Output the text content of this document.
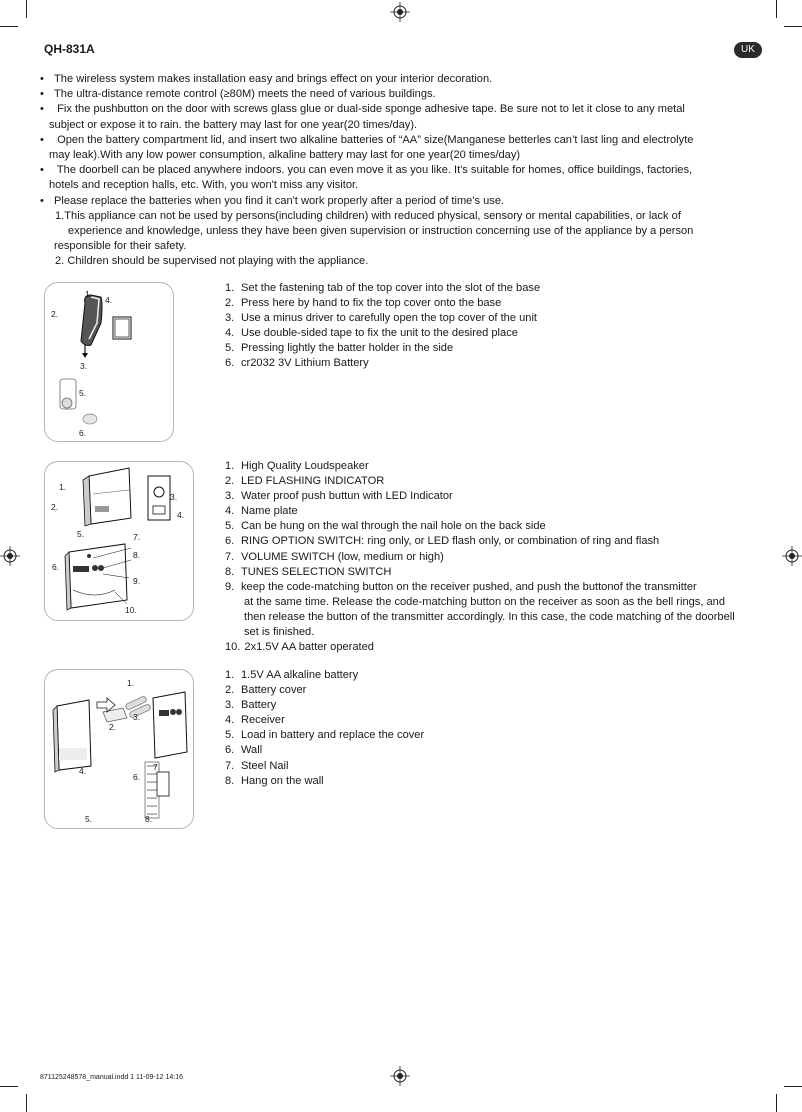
QH-831A	UK
• The wireless system makes installation easy and brings effect on your interior decoration.
• The ultra-distance remote control (≥80M) meets the need of various buildings.
• Fix the pushbutton on the door with screws glass glue or dual-side sponge adhesive tape. Be sure not to let it close to any metal
subject or expose it to rain. the battery may last for one year(20 times/day).
• Open the battery compartment lid, and insert two alkaline batteries of “AA” size(Manganese betterles can’t last ling and electrolyte
may leak).With any low power consumption, alkaline battery may last for one year(20 times/day)
• The doorbell can be placed anywhere indoors. you can even move it as you like. It's suitable for homes, office buildings, factories,
hotels and reception halls, etc. With, you won't miss any visitor.
• Please replace the batteries when you find it can't work properly after a period of time's use.
1.This appliance can not be used by persons(including children) with reduced physical, sensory or mental capabilities, or lack of
experience and knowledge, unless they have been given supervision or instruction concerning use of the appliance by a person
responsible for their safety.
2. Children should be supervised not playing with the appliance.
1.
4.
2.
3.
5.
6.
1. Set the fastening tab of the top cover into the slot of the base
2. Press here by hand to fix the top cover onto the base
3. Use a minus driver to carefully open the top cover of the unit
4. Use double-sided tape to fix the unit to the desired place
5. Pressing lightly the batter holder in the side
6. cr2032 3V Lithium Battery
1.
2.
3.
4.
5.
6.
7.
8.
9.
10.
1. High Quality Loudspeaker
2. LED FLASHING INDICATOR
3. Water proof push buttun with LED Indicator
4. Name plate
5. Can be hung on the wal through the nail hole on the back side
6. RING OPTION SWITCH: ring only, or LED flash only, or combination of ring and flash
7. VOLUME SWITCH (low, medium or high)
8. TUNES SELECTION SWITCH
9. keep the code-matching button on the receiver pushed, and push the buttonof the transmitter
at the same time. Release the code-matching button on the receiver as soon as the bell rings, and
then release the button of the transmitter accordingly. In this case, the code matching of the doorbell
set is finished.
10. 2x1.5V AA batter operated
1.
2.
3.
4.
6.
7.
5.	8.
1. 1.5V AA alkaline battery
2. Battery cover
3. Battery
4. Receiver
5. Load in battery and replace the cover
6. Wall
7. Steel Nail
8. Hang on the wall
871125248578_manual.indd 1 11-09-12 14:16
